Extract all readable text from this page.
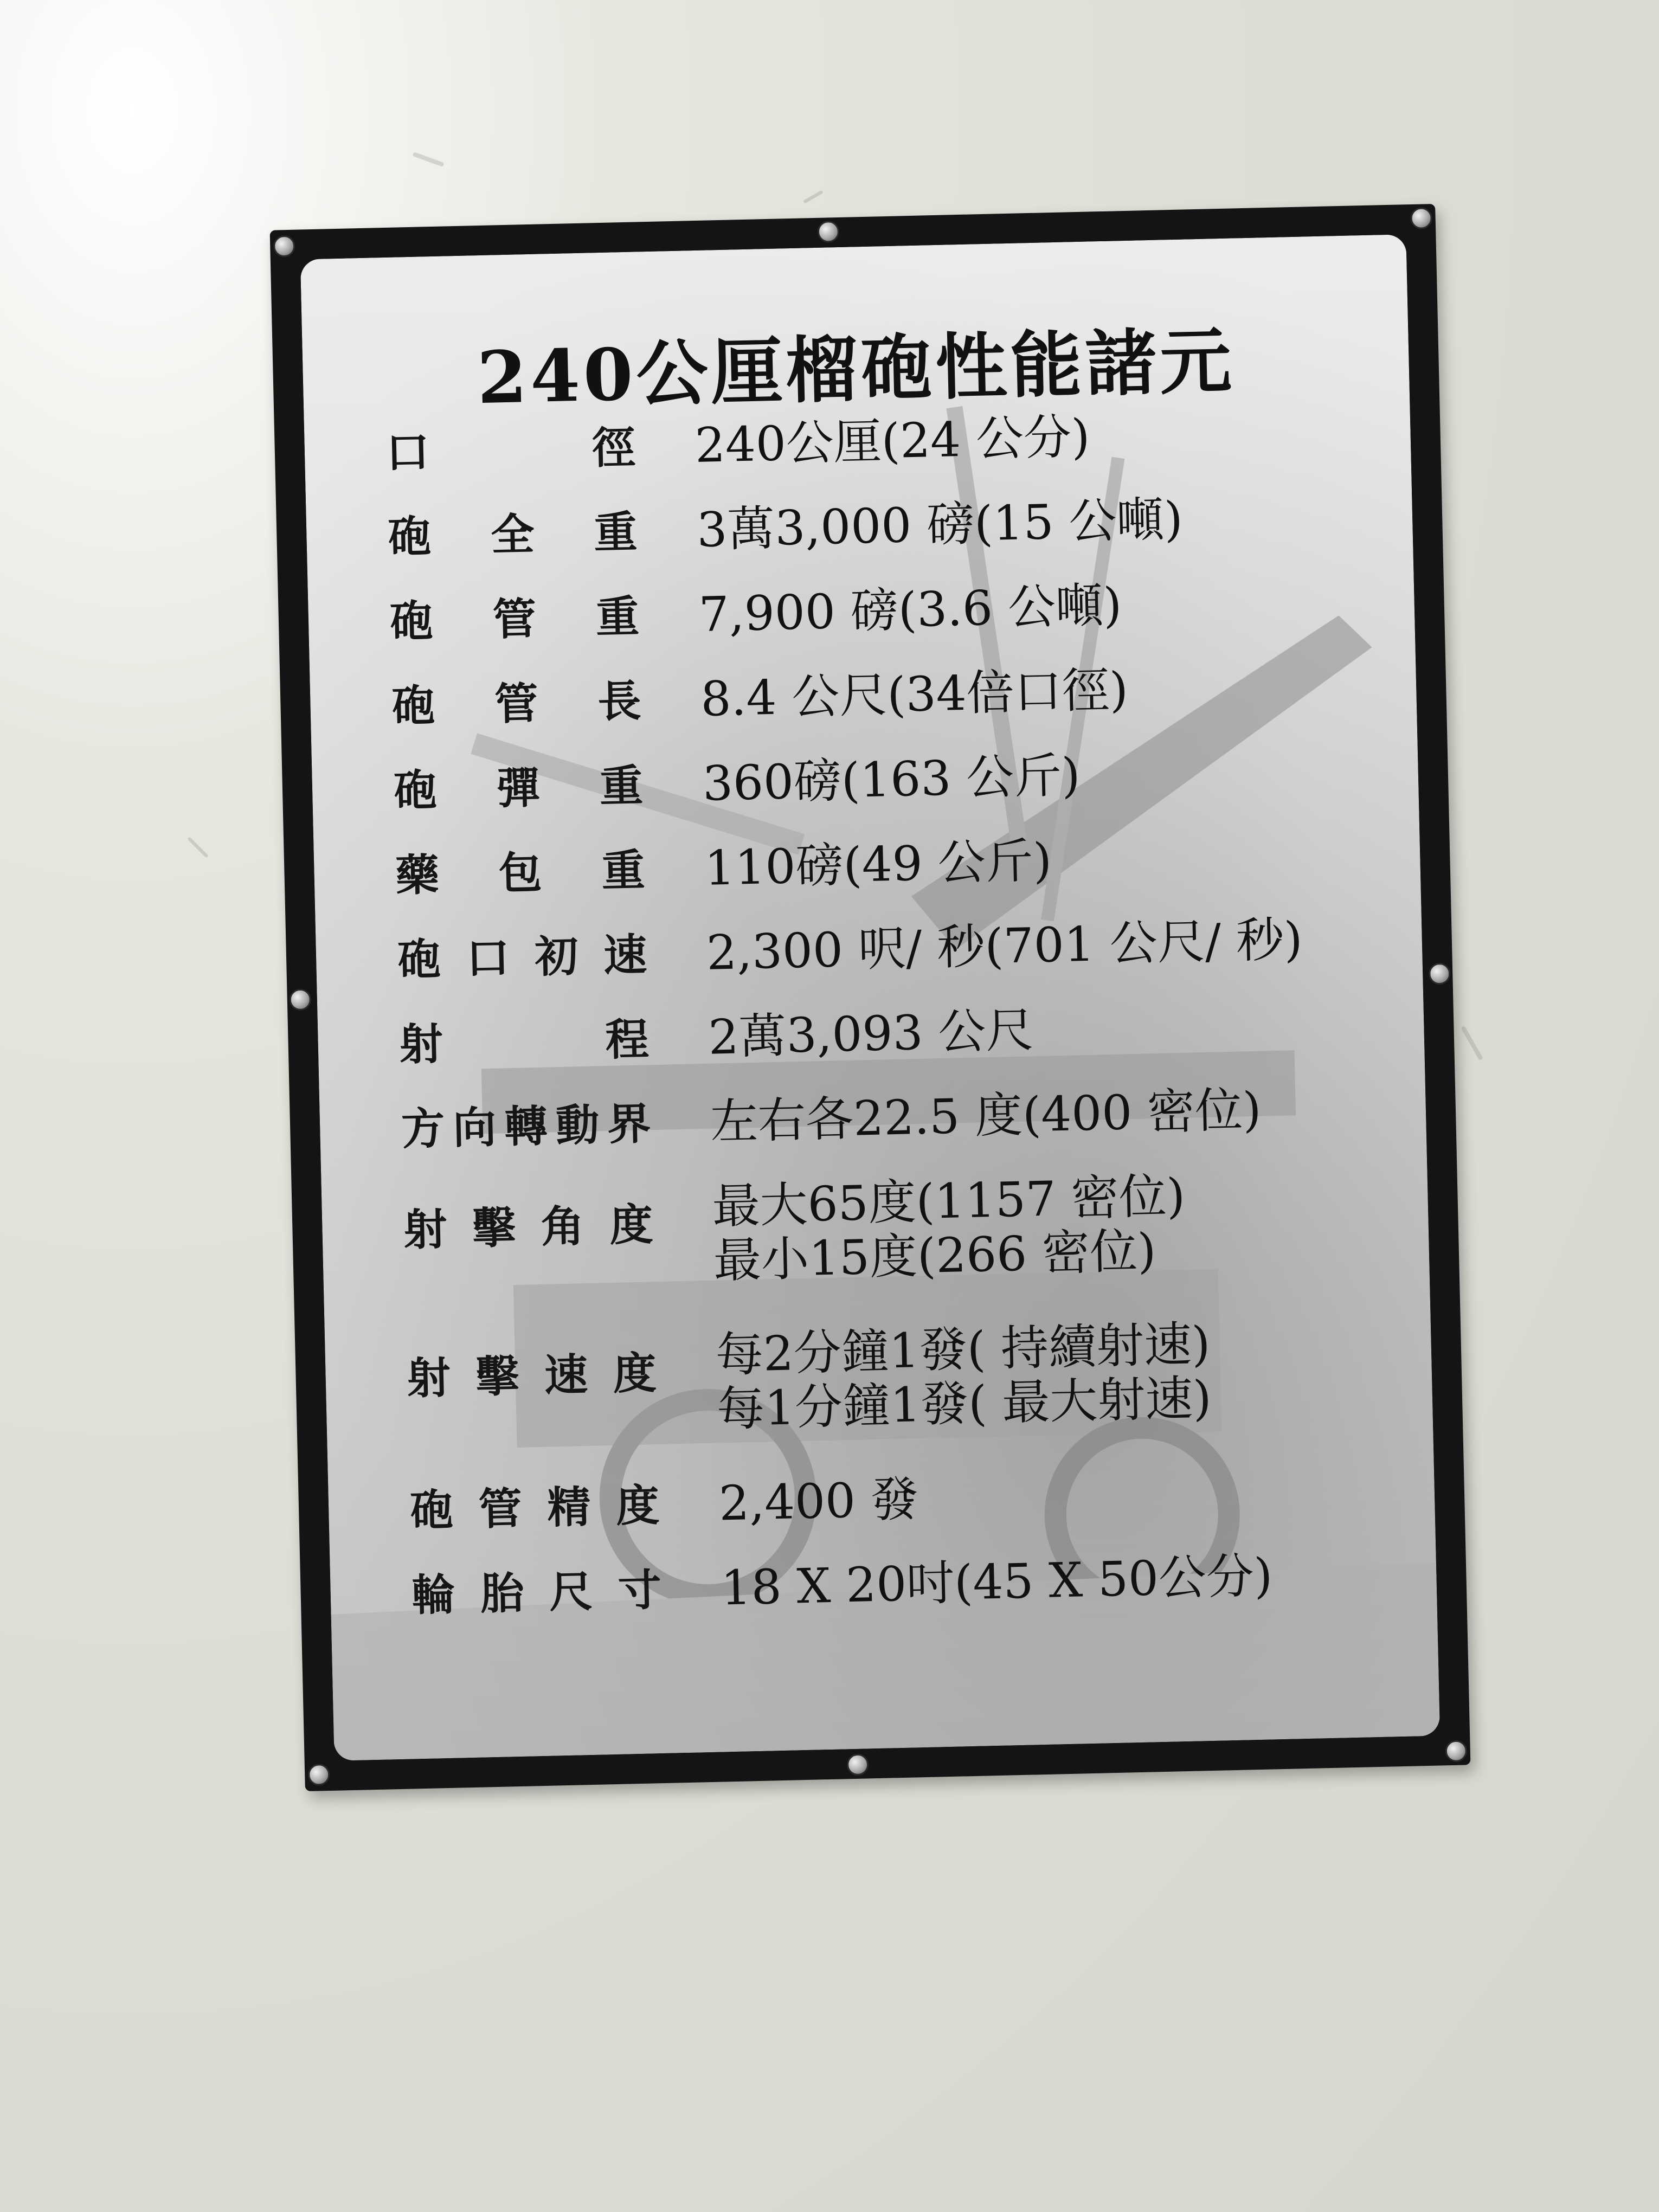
240公厘榴砲性能諸元
口徑 240公厘(24 公分)
砲全重 3萬3,000 磅(15 公噸)
砲管重 7,900 磅(3.6 公噸)
砲管長 8.4 公尺(34倍口徑)
砲彈重 360磅(163 公斤)
藥包重 110磅(49 公斤)
砲口初速 2,300 呎/ 秒(701 公尺/ 秒)
射程 2萬3,093 公尺
方向轉動界 左右各22.5 度(400 密位)
射擊角度 最大65度(1157 密位)
最小15度(266 密位)
射擊速度 每2分鐘1發( 持續射速)
每1分鐘1發( 最大射速)
砲管精度 2,400 發
輪胎尺寸 18 X 20吋(45 X 50公分)
